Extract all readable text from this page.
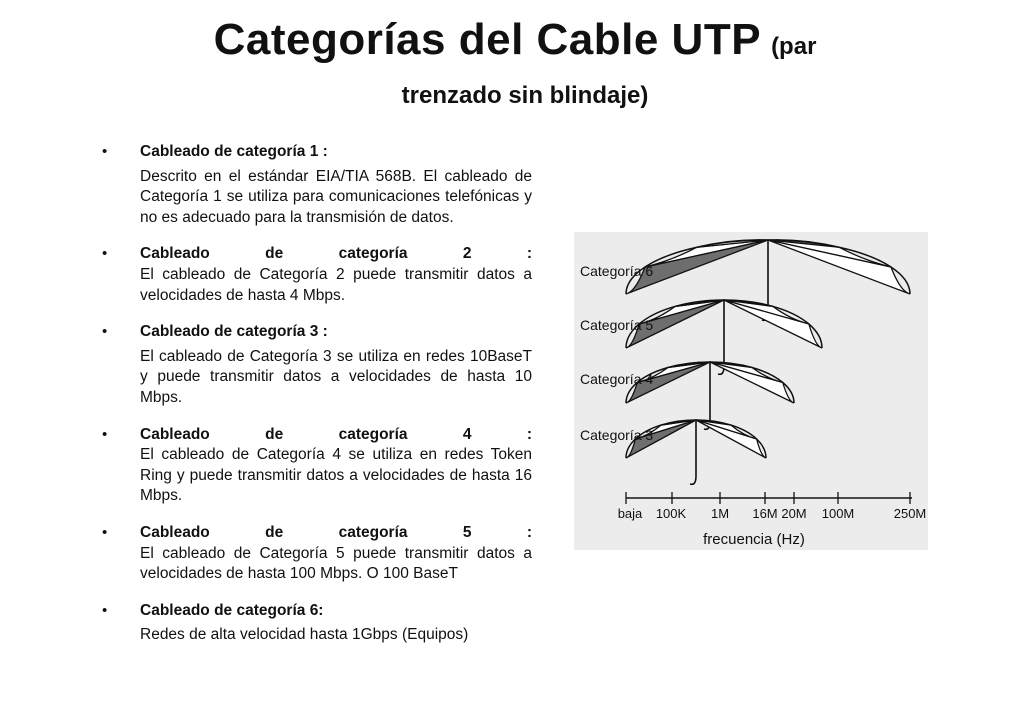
Categorías del Cable UTP (par
trenzado sin blindaje)
• Cableado de categoría 1 :
Descrito en el estándar EIA/TIA 568B. El cableado de Categoría 1 se utiliza para comunicaciones telefónicas y no es adecuado para la transmisión de datos.
• Cableado de categoría 2 :
El cableado de Categoría 2 puede transmitir datos a velocidades de hasta 4 Mbps.
• Cableado de categoría 3 :
El cableado de Categoría 3 se utiliza en redes 10BaseT y puede transmitir datos a velocidades de hasta 10 Mbps.
• Cableado de categoría 4 :
El cableado de Categoría 4 se utiliza en redes Token Ring y puede transmitir datos a velocidades de hasta 16 Mbps.
• Cableado de categoría 5 :
El cableado de Categoría 5 puede transmitir datos a velocidades de hasta 100 Mbps. O 100 BaseT
• Cableado de categoría 6:
Redes de alta velocidad hasta 1Gbps (Equipos)
Categoría 6
Categoría 5
Categoría 4
Categoría 3
baja 100K 1M 16M 20M 100M	250M
frecuencia (Hz)
